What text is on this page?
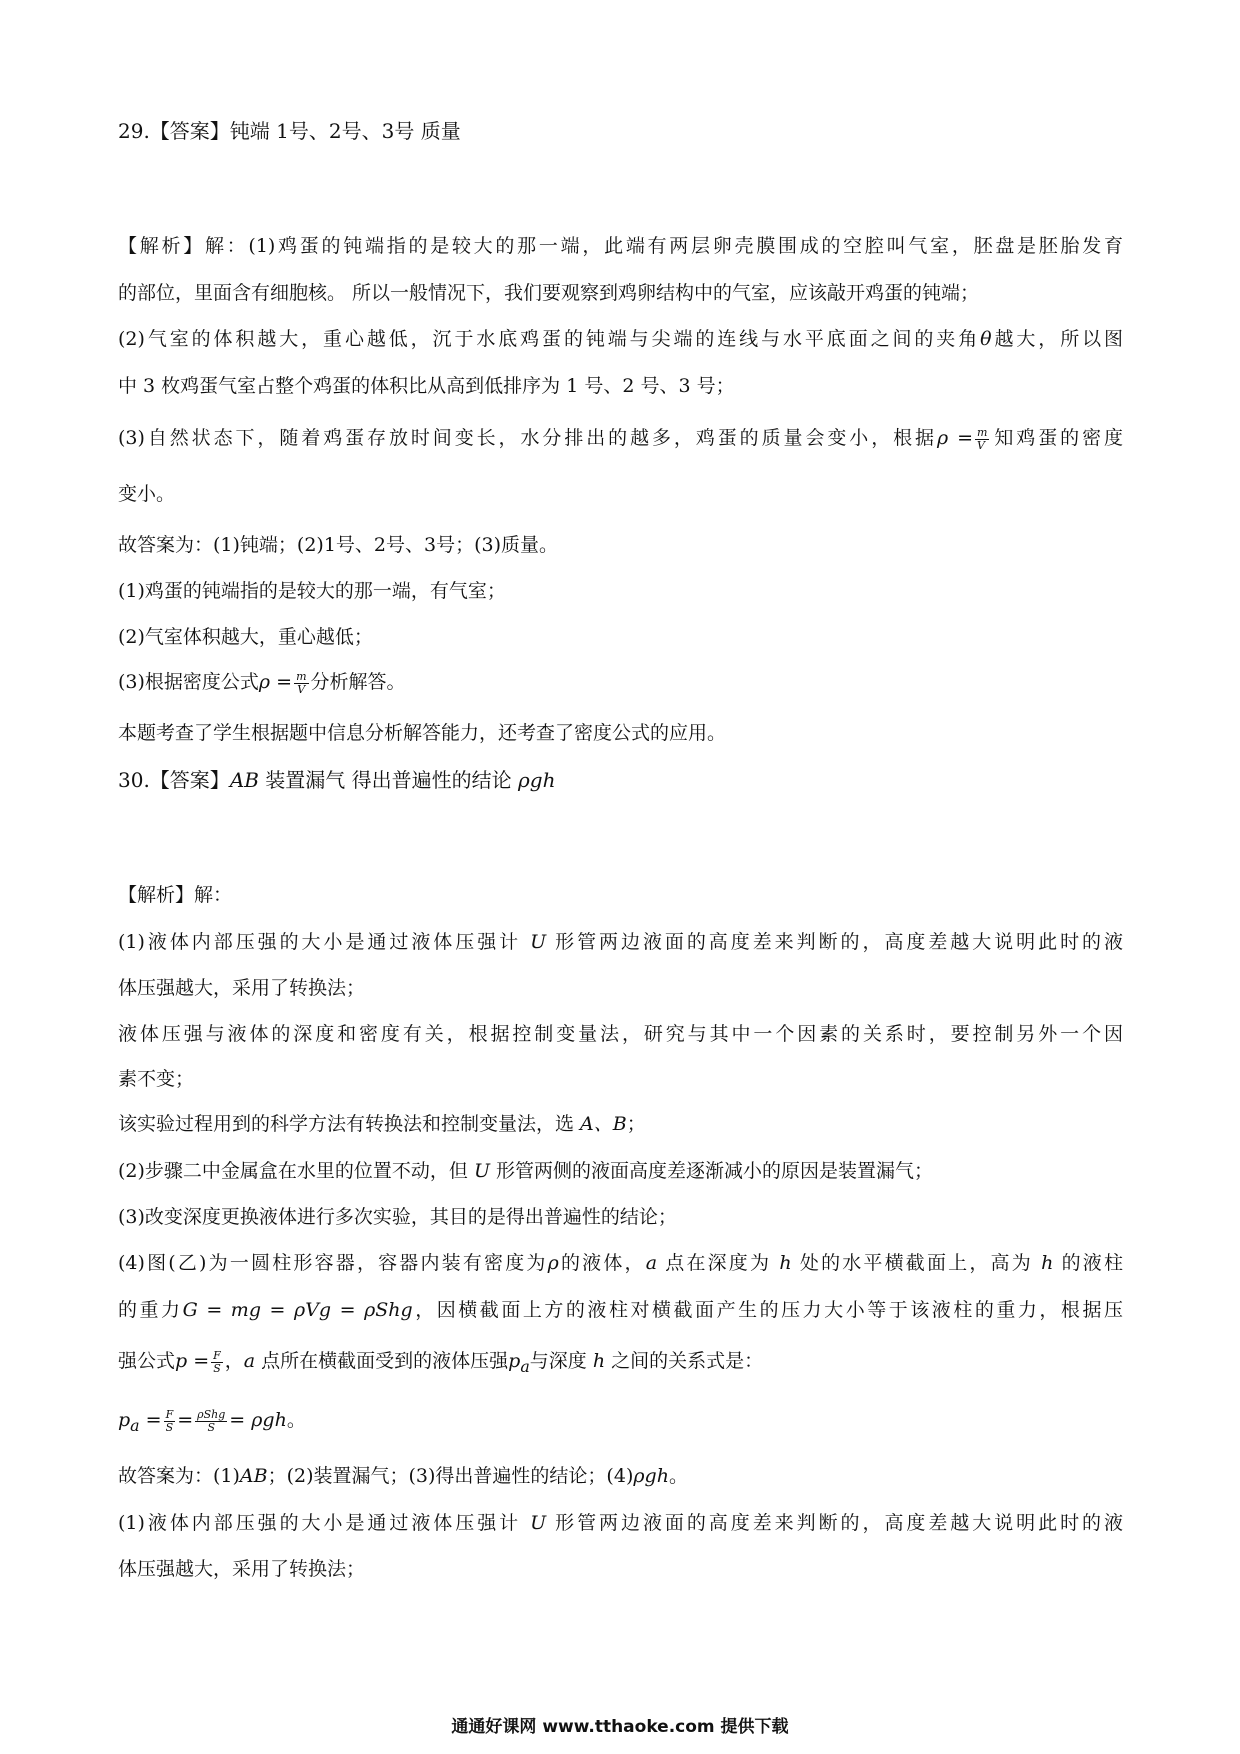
29.【答案】钝端 1号、2号、3号 质量
【解析】解：(1)鸡蛋的钝端指的是较大的那一端，此端有两层卵壳膜围成的空腔叫气室，胚盘是胚胎发育
的部位，里面含有细胞核。 所以一般情况下，我们要观察到鸡卵结构中的气室，应该敲开鸡蛋的钝端；
(2)气室的体积越大，重心越低，沉于水底鸡蛋的钝端与尖端的连线与水平底面之间的夹角θ越大，所以图
中 3 枚鸡蛋气室占整个鸡蛋的体积比从高到低排序为 1 号、2 号、3 号；
(3)自然状态下，随着鸡蛋存放时间变长，水分排出的越多，鸡蛋的质量会变小，根据$\rho = \frac{m}{V}$ 知鸡蛋的密度
变小。
故答案为：(1)钝端；(2)1号、2号、3号；(3)质量。
(1)鸡蛋的钝端指的是较大的那一端，有气室；
(2)气室体积越大，重心越低；
(3)根据密度公式$\rho = \frac{m}{V}$ 分析解答。
本题考查了学生根据题中信息分析解答能力，还考查了密度公式的应用。
30.【答案】AB 装置漏气 得出普遍性的结论 ρgh
【解析】解：
(1)液体内部压强的大小是通过液体压强计 U 形管两边液面的高度差来判断的，高度差越大说明此时的液
体压强越大，采用了转换法；
液体压强与液体的深度和密度有关，根据控制变量法，研究与其中一个因素的关系时，要控制另外一个因
素不变；
该实验过程用到的科学方法有转换法和控制变量法，选 A、B；
(2)步骤二中金属盒在水里的位置不动，但 U 形管两侧的液面高度差逐渐减小的原因是装置漏气；
(3)改变深度更换液体进行多次实验，其目的是得出普遍性的结论；
(4)图(乙)为一圆柱形容器，容器内装有密度为ρ的液体，a 点在深度为 h 处的水平横截面上，高为 h 的液柱
的重力G = mg = ρVg = ρShg，因横截面上方的液柱对横截面产生的压力大小等于该液柱的重力，根据压
强公式$p = \frac{F}{S}$ ，a 点所在横截面受到的液体压强$p_a$与深度 h 之间的关系式是：
$p_a = \frac{F}{S} = \frac{\text{ρShg}}{S} = \rho gh$。
故答案为：(1)AB；(2)装置漏气；(3)得出普遍性的结论；(4)ρgh。
(1)液体内部压强的大小是通过液体压强计 U 形管两边液面的高度差来判断的，高度差越大说明此时的液
体压强越大，采用了转换法；
通通好课网 www.tthaoke.com 提供下载
